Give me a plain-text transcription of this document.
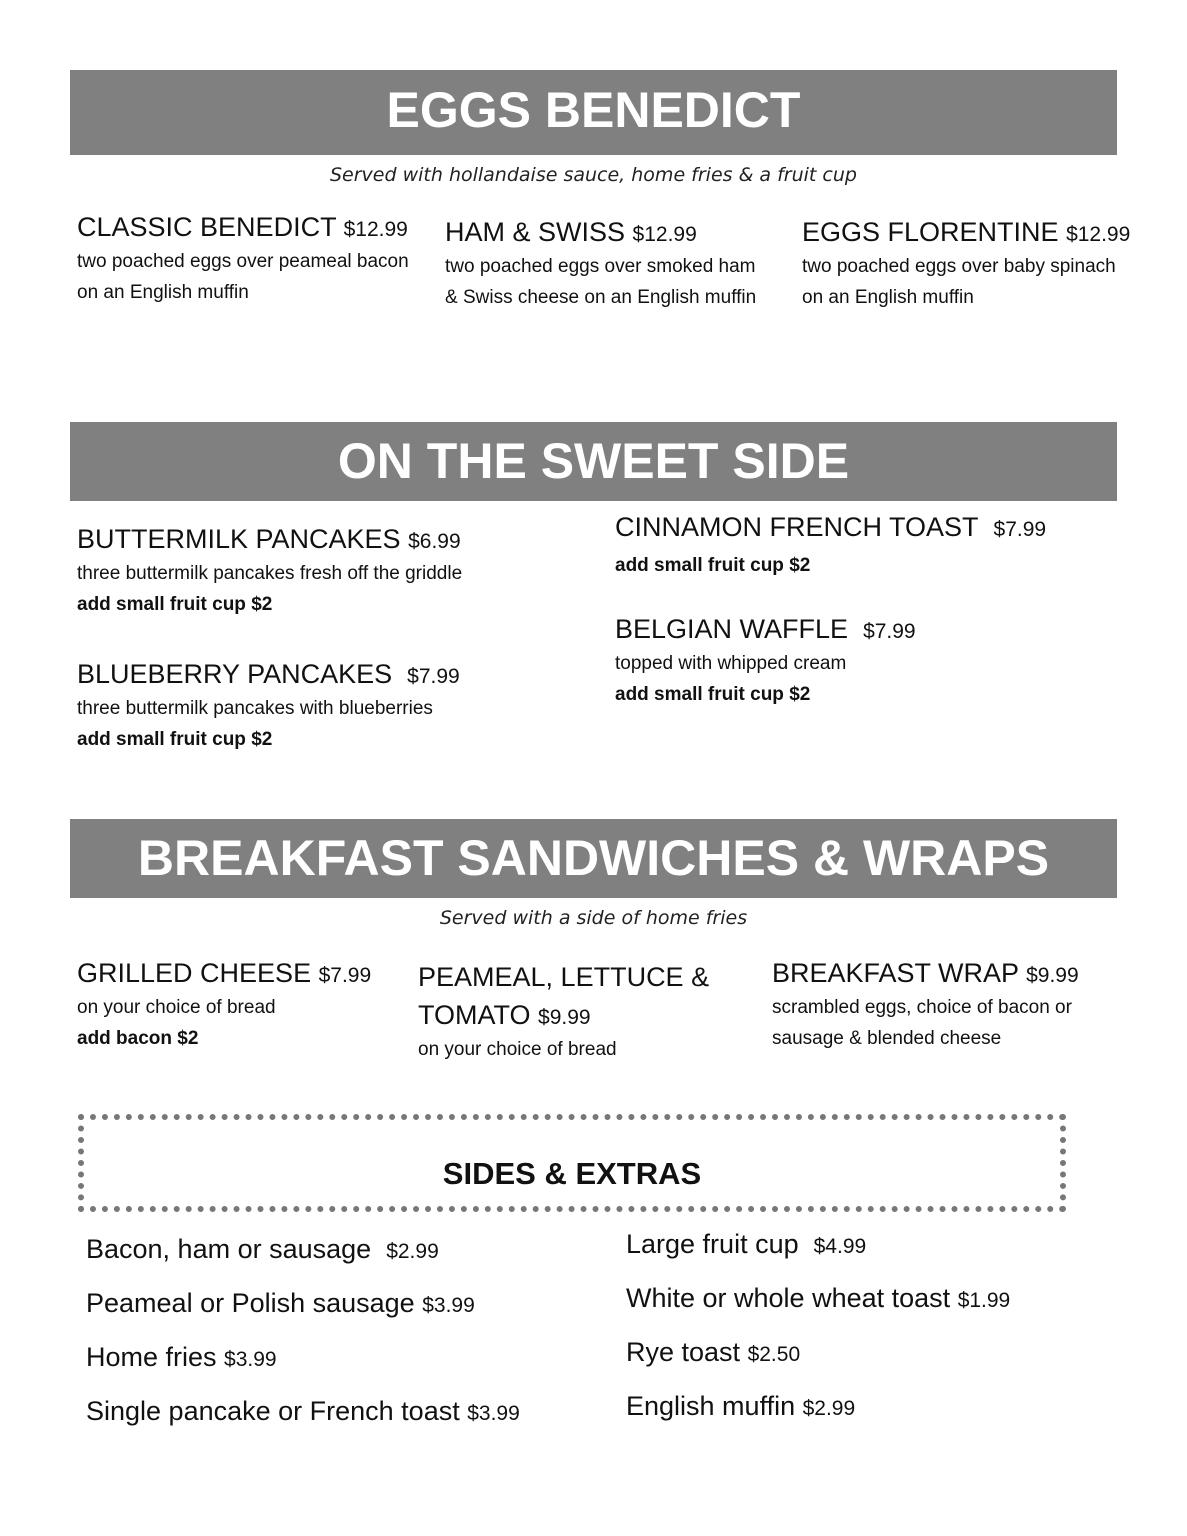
EGGS BENEDICT
Served with hollandaise sauce, home fries & a fruit cup
CLASSIC BENEDICT $12.99
two poached eggs over peameal bacon
on an English muffin
HAM & SWISS $12.99
two poached eggs over smoked ham
& Swiss cheese on an English muffin
EGGS FLORENTINE $12.99
two poached eggs over baby spinach
on an English muffin
ON THE SWEET SIDE
BUTTERMILK PANCAKES $6.99
three buttermilk pancakes fresh off the griddle
add small fruit cup $2
BLUEBERRY PANCAKES $7.99
three buttermilk pancakes with blueberries
add small fruit cup $2
CINNAMON FRENCH TOAST $7.99
add small fruit cup $2
BELGIAN WAFFLE $7.99
topped with whipped cream
add small fruit cup $2
BREAKFAST SANDWICHES & WRAPS
Served with a side of home fries
GRILLED CHEESE $7.99
on your choice of bread
add bacon $2
PEAMEAL, LETTUCE &
TOMATO $9.99
on your choice of bread
BREAKFAST WRAP $9.99
scrambled eggs, choice of bacon or
sausage & blended cheese
SIDES & EXTRAS
Bacon, ham or sausage $2.99
Peameal or Polish sausage $3.99
Home fries $3.99
Single pancake or French toast $3.99
Large fruit cup $4.99
White or whole wheat toast $1.99
Rye toast $2.50
English muffin $2.99
